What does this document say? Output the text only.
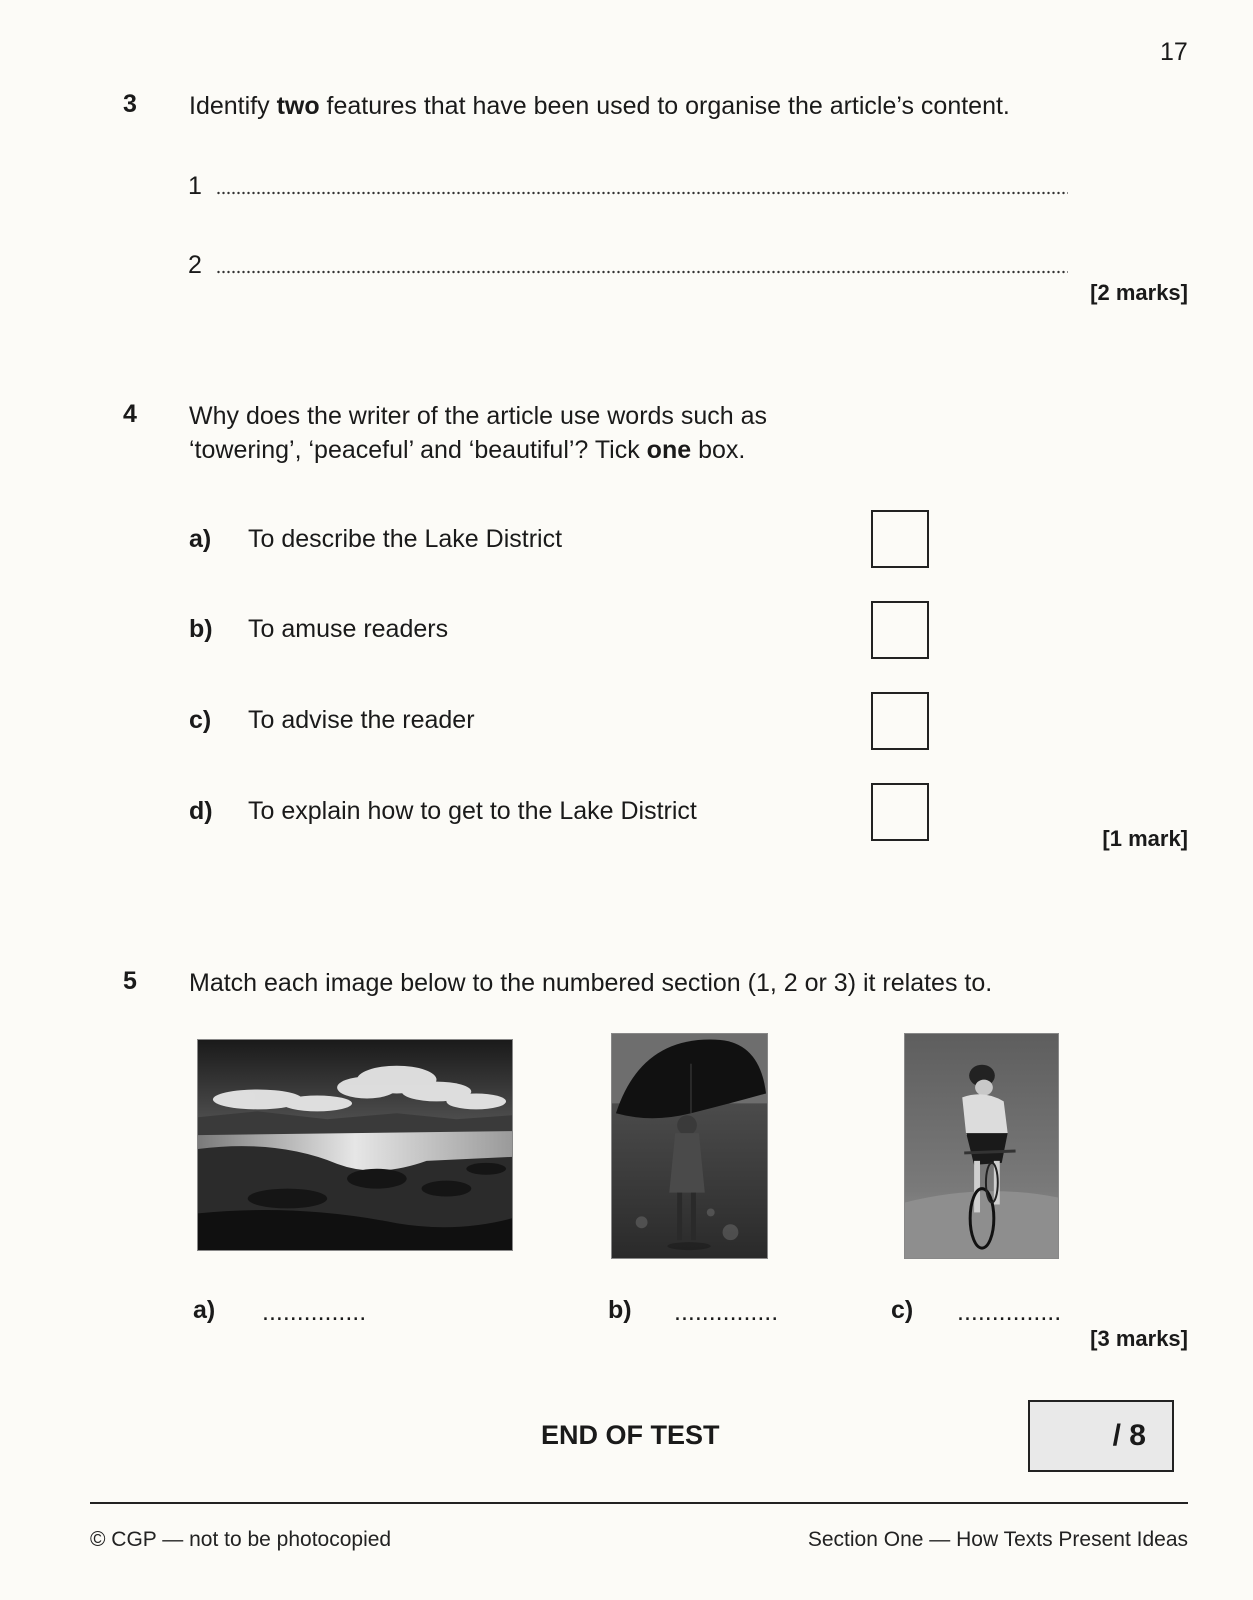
17
3 Identify two features that have been used to organise the article’s content.
1
2
[2 marks]
4 Why does the writer of the article use words such as
‘towering’, ‘peaceful’ and ‘beautiful’? Tick one box.
a) To describe the Lake District
b) To amuse readers
c) To advise the reader
d) To explain how to get to the Lake District
[1 mark]
5 Match each image below to the numbered section (1, 2 or 3) it relates to.
a) ...............	b) ...............	c) ...............
[3 marks]
END OF TEST	/ 8
© CGP — not to be photocopied	Section One — How Texts Present Ideas
